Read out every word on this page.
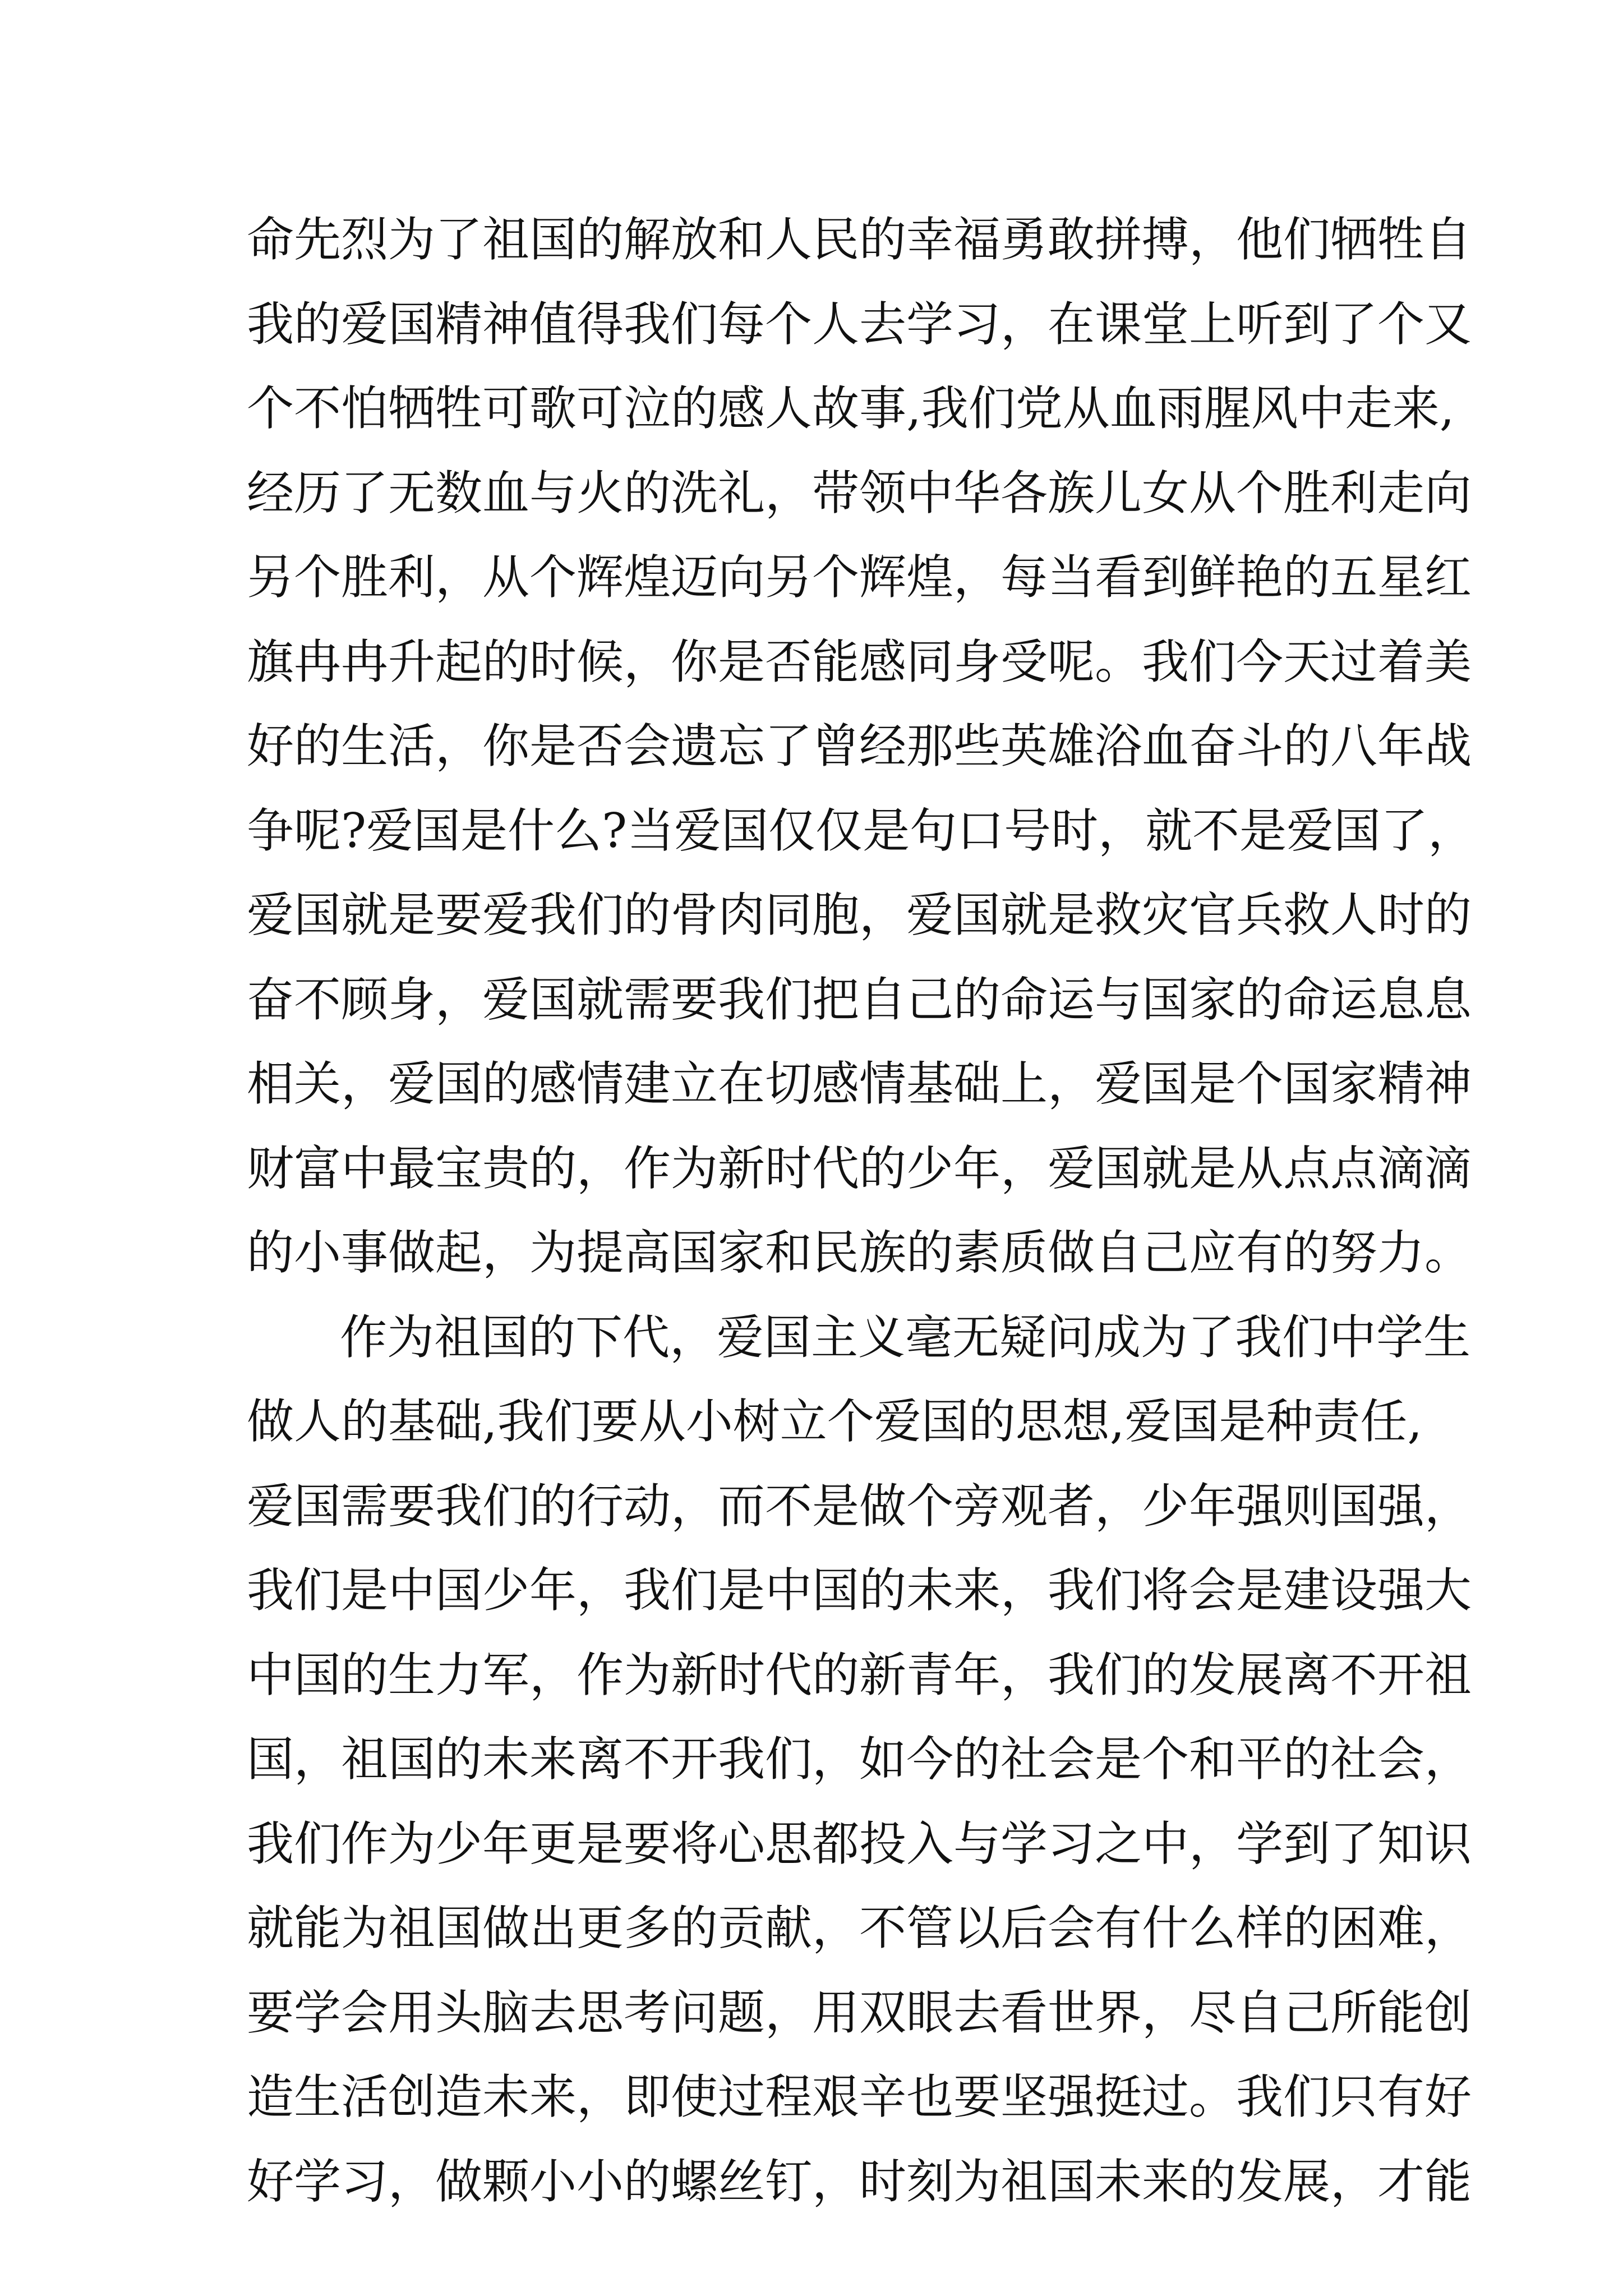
命先烈为了祖国的解放和人民的幸福勇敢拼搏，他们牺牲自
我的爱国精神值得我们每个人去学习，在课堂上听到了个又
个不怕牺牲可歌可泣的感人故事,我们党从血雨腥风中走来,
经历了无数血与火的洗礼，带领中华各族儿女从个胜利走向
另个胜利，从个辉煌迈向另个辉煌，每当看到鲜艳的五星红
旗冉冉升起的时候，你是否能感同身受呢。我们今天过着美
好的生活，你是否会遗忘了曾经那些英雄浴血奋斗的八年战
争呢?爱国是什么?当爱国仅仅是句口号时，就不是爱国了，
爱国就是要爱我们的骨肉同胞，爱国就是救灾官兵救人时的
奋不顾身，爱国就需要我们把自己的命运与国家的命运息息
相关，爱国的感情建立在切感情基础上，爱国是个国家精神
财富中最宝贵的，作为新时代的少年，爱国就是从点点滴滴
的小事做起，为提高国家和民族的素质做自己应有的努力。
作为祖国的下代，爱国主义毫无疑问成为了我们中学生
做人的基础,我们要从小树立个爱国的思想,爱国是种责任,
爱国需要我们的行动，而不是做个旁观者，少年强则国强，
我们是中国少年，我们是中国的未来，我们将会是建设强大
中国的生力军，作为新时代的新青年，我们的发展离不开祖
国，祖国的未来离不开我们，如今的社会是个和平的社会，
我们作为少年更是要将心思都投入与学习之中，学到了知识
就能为祖国做出更多的贡献，不管以后会有什么样的困难，
要学会用头脑去思考问题，用双眼去看世界，尽自己所能创
造生活创造未来，即使过程艰辛也要坚强挺过。我们只有好
好学习，做颗小小的螺丝钉，时刻为祖国未来的发展，才能
